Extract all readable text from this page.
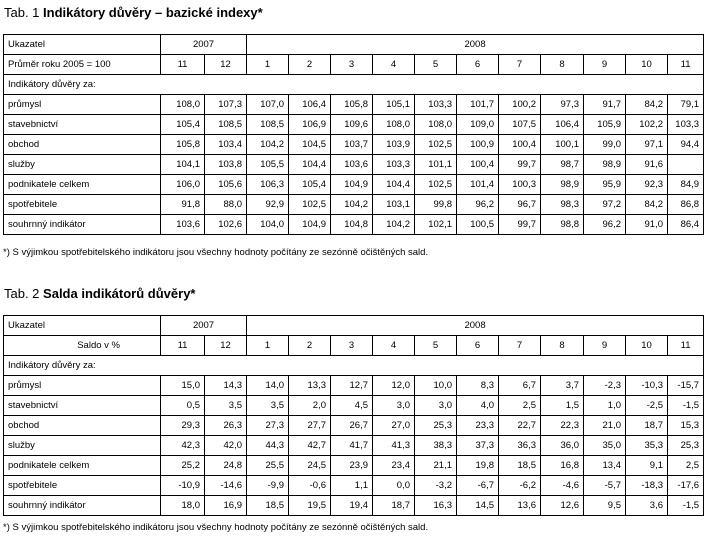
Tab. 1 Indikátory důvěry – bazické indexy*
Ukazatel	2007		2008										
Průměr roku 2005 = 100	11	12	1	2	3	4	5	6	7	8	9	10	11
Indikátory důvěry za:													
průmysl	108,0	107,3	107,0	106,4	105,8	105,1	103,3	101,7	100,2	97,3	91,7	84,2	79,1
stavebnictví	105,4	108,5	108,5	106,9	109,6	108,0	108,0	109,0	107,5	106,4	105,9	102,2	103,3
obchod	105,8	103,4	104,2	104,5	103,7	103,9	102,5	100,9	100,4	100,1	99,0	97,1	94,4
služby	104,1	103,8	105,5	104,4	103,6	103,3	101,1	100,4	99,7	98,7	98,9	91,6	
podnikatele celkem	106,0	105,6	106,3	105,4	104,9	104,4	102,5	101,4	100,3	98,9	95,9	92,3	84,9
spotřebitele	91,8	88,0	92,9	102,5	104,2	103,1	99,8	96,2	96,7	98,3	97,2	84,2	86,8
souhrnný indikátor	103,6	102,6	104,0	104,9	104,8	104,2	102,1	100,5	99,7	98,8	96,2	91,0	86,4
*) S výjimkou spotřebitelského indikátoru jsou všechny hodnoty počítány ze sezónně očištěných sald.
Tab. 2 Salda indikátorů důvěry*
Ukazatel	2007		2008										
Saldo v %	11	12	1	2	3	4	5	6	7	8	9	10	11
Indikátory důvěry za:													
průmysl	15,0	14,3	14,0	13,3	12,7	12,0	10,0	8,3	6,7	3,7	-2,3	-10,3	-15,7
stavebnictví	0,5	3,5	3,5	2,0	4,5	3,0	3,0	4,0	2,5	1,5	1,0	-2,5	-1,5
obchod	29,3	26,3	27,3	27,7	26,7	27,0	25,3	23,3	22,7	22,3	21,0	18,7	15,3
služby	42,3	42,0	44,3	42,7	41,7	41,3	38,3	37,3	36,3	36,0	35,0	35,3	25,3
podnikatele celkem	25,2	24,8	25,5	24,5	23,9	23,4	21,1	19,8	18,5	16,8	13,4	9,1	2,5
spotřebitele	-10,9	-14,6	-9,9	-0,6	1,1	0,0	-3,2	-6,7	-6,2	-4,6	-5,7	-18,3	-17,6
souhrnný indikátor	18,0	16,9	18,5	19,5	19,4	18,7	16,3	14,5	13,6	12,6	9,5	3,6	-1,5
*) S výjimkou spotřebitelského indikátoru jsou všechny hodnoty počítány ze sezónně očištěných sald.
